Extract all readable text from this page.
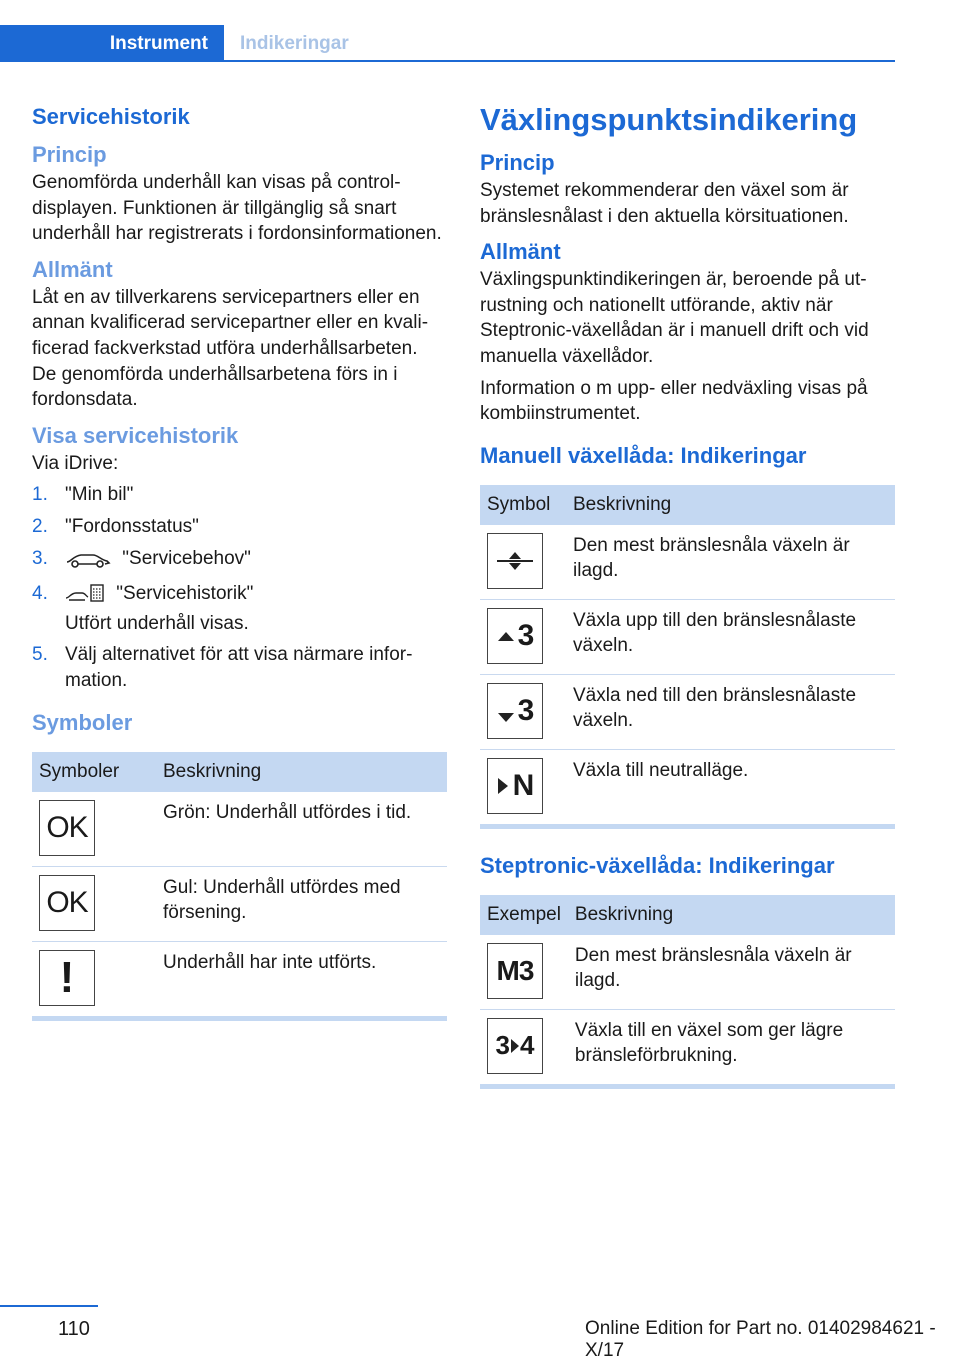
Instrument Indikeringar
Servicehistorik
Princip

Genomförda underhåll kan visas på controldisplayen. Funktionen är tillgänglig så snart underhåll har registrerats i fordonsinformationen.

Allmänt

Låt en av tillverkarens servicepartners eller en annan kvalificerad servicepartner eller en kvalificerad fackverkstad utföra underhållsarbeten. De genomförda underhållsarbetena förs in i fordonsdata.

Visa servicehistorik

Via iDrive:

1. "Min bil"
2. "Fordonsstatus"
3.	"Servicebehov"
4.	"Servicehistorik"
Utfört underhåll visas.
5. Välj alternativet för att visa närmare information.
Symboler
Symboler	Beskrivning

OK	Grön: Underhåll utfördes i tid.

OK	Gul: Underhåll utfördes med försening.

!	Underhåll har inte utförts.
Växlingspunktsindikering
Princip

Systemet rekommenderar den växel som är bränslesnålast i den aktuella körsituationen.

Allmänt

Växlingspunktindikeringen är, beroende på utrustning och nationellt utförande, aktiv när Steptronic-växellådan är i manuell drift och vid manuella växellådor.

Information o m upp- eller nedväxling visas på kombiinstrumentet.

Manuell växellåda: Indikeringar
Symbol	Beskrivning

	Den mest bränslesnåla växeln är ilagd.

3	Växla upp till den bränslesnålaste växeln.

3	Växla ned till den bränslesnålaste växeln.

N	Växla till neutralläge.
Steptronic-växellåda: Indikeringar
Exempel	Beskrivning

M3	Den mest bränslesnåla växeln är ilagd.

3 4	Växla till en växel som ger lägre bränsleförbrukning.
110	Online Edition for Part no. 01402984621 - X/17
